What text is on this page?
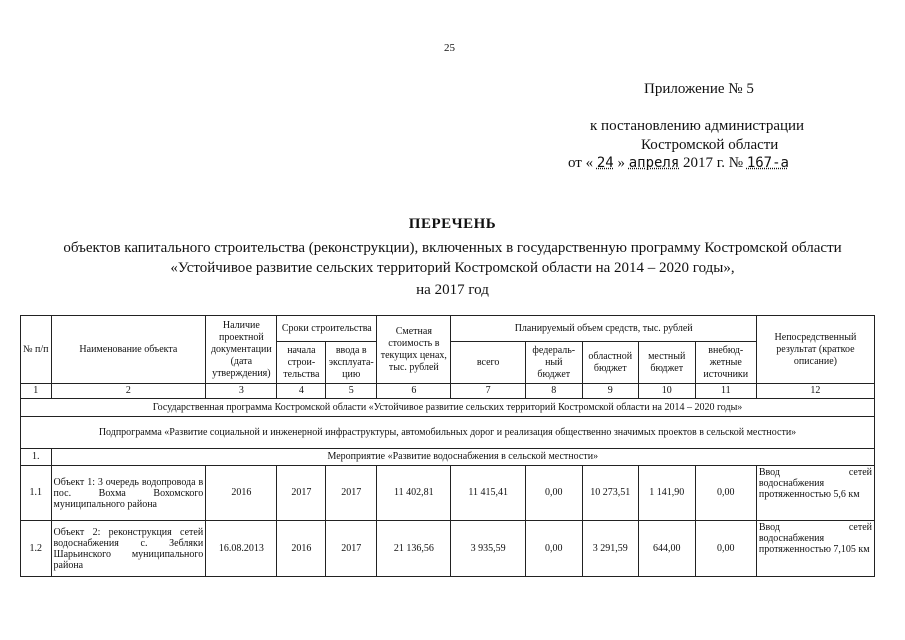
25
Приложение № 5
к постановлению администрации
Костромской области
от « 24 » апреля 2017 г. № 167-а
ПЕРЕЧЕНЬ
объектов капитального строительства (реконструкции), включенных в государственную программу Костромской области
«Устойчивое развитие сельских территорий Костромской области на 2014 – 2020 годы»,
на 2017 год
№ п/п	Наименование объекта	Наличие проектной документации (дата утверждения)	Сроки строительства		Сметная стоимость в текущих ценах, тыс. рублей	Планируемый объем средств, тыс. рублей					Непосредственный результат (краткое описание)
			начала строи-тельства	ввода в эксплуата-цию		всего	федераль-ный бюджет	областной бюджет	местный бюджет	внебюд-жетные источники	
1	2	3	4	5	6	7	8	9	10	11	12
Государственная программа Костромской области «Устойчивое развитие сельских территорий Костромской области на 2014 – 2020 годы»											
Подпрограмма «Развитие социальной и инженерной инфраструктуры, автомобильных дорог и реализация общественно значимых проектов в сельской местности»											
1.	Мероприятие «Развитие водоснабжения в сельской местности»										
1.1	Объект 1: 3 очередь водопровода в пос. Вохма Вохомского муниципального района	2016	2017	2017	11 402,81	11 415,41	0,00	10 273,51	1 141,90	0,00	Ввод сетей водоснабжения протяженностью 5,6 км
1.2	Объект 2: реконструкция сетей водоснабжения с. Зебляки Шарьинского муниципального района	16.08.2013	2016	2017	21 136,56	3 935,59	0,00	3 291,59	644,00	0,00	Ввод сетей водоснабжения протяженностью 7,105 км
